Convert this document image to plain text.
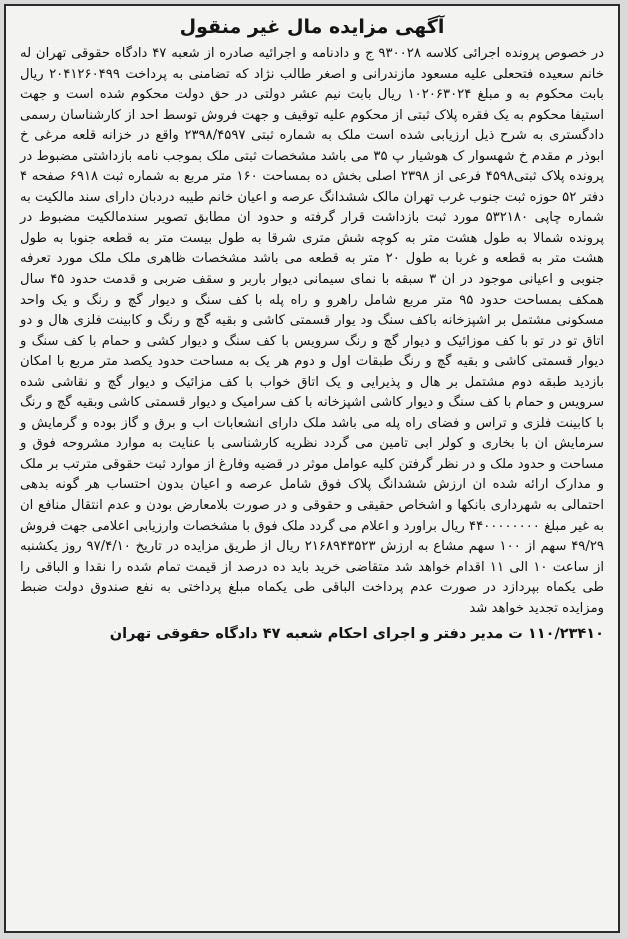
آگهی مزایده مال غیر منقول

در خصوص پرونده اجرائی کلاسه ۹۳۰۰۲۸ ج و دادنامه و اجرائیه صادره از شعبه ۴۷ دادگاه حقوقی تهران له خانم سعیده فتحعلی علیه مسعود مازندرانی و اصغر طالب نژاد که تضامنی به پرداخت ۲۰۴۱۲۶۰۴۹۹ ریال بابت محکوم به و مبلغ ۱۰۲۰۶۳۰۲۴ ریال بابت نیم عشر دولتی در حق دولت محکوم شده است و جهت استیفا محکوم به یک فقره پلاک ثبتی از محکوم علیه توقیف و جهت فروش توسط احد از کارشناسان رسمی دادگستری به شرح ذیل ارزیابی شده است ملک به شماره ثبتی ۲۳۹۸/۴۵۹۷ واقع در خزانه قلعه مرغی خ ابوذر م مقدم خ شهسوار ک هوشیار پ ۳۵ می باشد مشخصات ثبتی ملک بموجب نامه بازداشتی مضبوط در پرونده پلاک ثبتی۴۵۹۸ فرعی از ۲۳۹۸ اصلی بخش ده بمساحت ۱۶۰ متر مربع به شماره ثبت ۶۹۱۸ صفحه ۴ دفتر ۵۲ حوزه ثبت جنوب غرب تهران مالک ششدانگ عرصه و اعیان خانم طیبه دردبان دارای سند مالکیت به شماره چاپی ۵۳۲۱۸۰ مورد ثبت بازداشت قرار گرفته و حدود ان مطابق تصویر سندمالکیت مضبوط در پرونده شمالا به طول هشت متر به کوچه شش متری شرقا به طول بیست متر به قطعه جنوبا به طول هشت متر به قطعه و غربا به طول ۲۰ متر به قطعه می باشد مشخصات ظاهری ملک ملک مورد تعرفه جنوبی و اعیانی موجود در ان ۳ سبقه با نمای سیمانی دیوار باربر و سقف ضربی و قدمت حدود ۴۵ سال همکف بمساحت حدود ۹۵ متر مربع شامل راهرو و راه پله با کف سنگ و دیوار گچ و رنگ و یک واحد مسکونی مشتمل بر اشپزخانه باکف سنگ ود یوار قسمتی کاشی و بقیه گچ و رنگ و کابینت فلزی هال و دو اتاق تو در تو با کف موزائیک و دیوار گچ و رنگ سرویس با کف سنگ و دیوار کشی و حمام با کف سنگ و دیوار قسمتی کاشی و بقیه گچ و رنگ طبقات اول و دوم هر یک به مساحت حدود یکصد متر مربع با امکان بازدید طبقه دوم مشتمل بر هال و پذیرایی و یک اتاق خواب با کف مزائیک و دیوار گچ و نقاشی شده سرویس و حمام با کف سنگ و دیوار کاشی اشپزخانه با کف سرامیک و دیوار قسمتی کاشی وبقیه گچ و رنگ با کابینت فلزی و تراس و فضای راه پله می باشد ملک دارای انشعابات اب و برق و گاز بوده و گرمایش و سرمایش ان با بخاری و کولر ابی تامین می گردد نظریه کارشناسی با عنایت به موارد مشروحه فوق و مساحت و حدود ملک و در نظر گرفتن کلیه عوامل موثر در قضیه وفارغ از موارد ثبت حقوقی مترتب بر ملک و مدارک ارائه شده ان ارزش ششدانگ پلاک فوق شامل عرصه و اعیان بدون احتساب هر گونه بدهی احتمالی به شهرداری بانکها و اشخاص حقیقی و حقوقی و در صورت بلامعارض بودن و عدم انتقال منافع ان به غیر مبلغ ۴۴۰۰۰۰۰۰۰۰ ریال براورد و اعلام می گردد ملک فوق با مشخصات وارزیابی اعلامی جهت فروش ۴۹/۲۹ سهم از ۱۰۰ سهم مشاع به ارزش ۲۱۶۸۹۴۳۵۲۳ ریال از طریق مزایده در تاریخ ۹۷/۴/۱۰ روز یکشنبه از ساعت ۱۰ الی ۱۱ اقدام خواهد شد متقاضی خرید باید ده درصد از قیمت تمام شده را نقدا و الباقی را طی یکماه بپردازد در صورت عدم پرداخت الباقی طی یکماه مبلغ پرداختی به نفع صندوق دولت ضبط ومزایده تجدید خواهد شد

۱۱۰/۲۳۴۱۰ ت مدیر دفتر و اجرای احکام شعبه ۴۷ دادگاه حقوقی تهران
